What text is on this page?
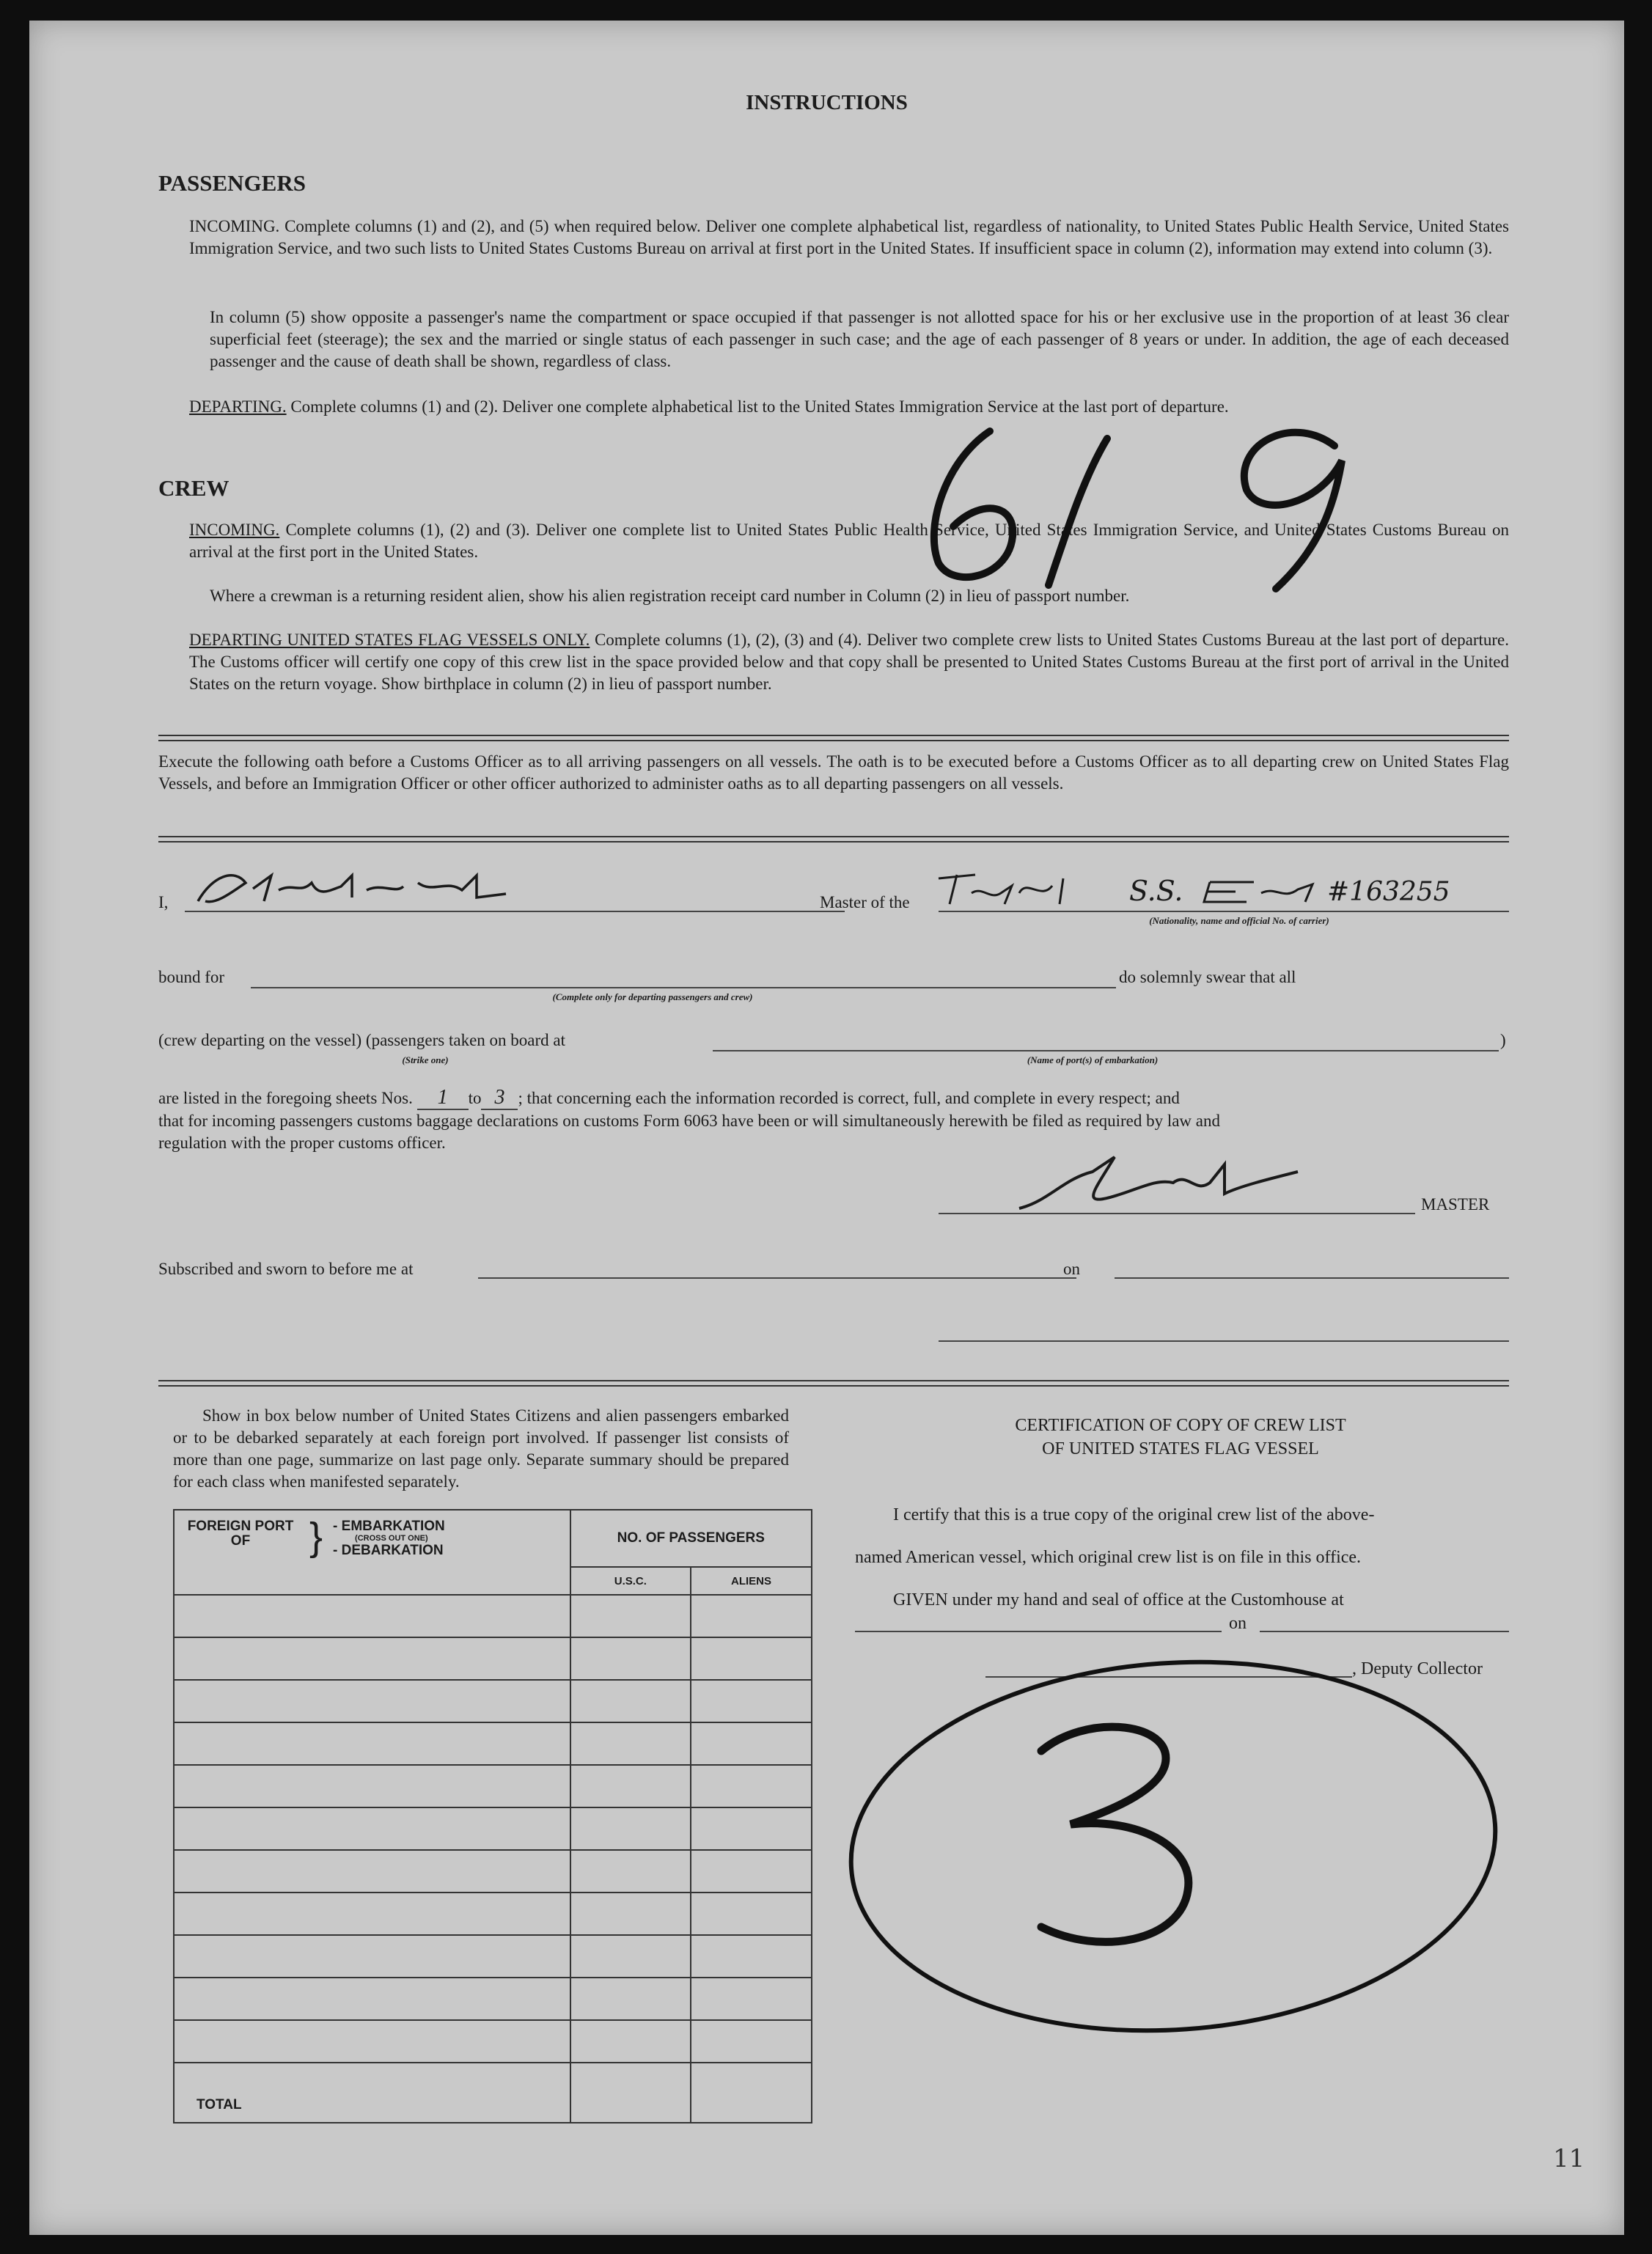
INSTRUCTIONS
PASSENGERS
INCOMING. Complete columns (1) and (2), and (5) when required below. Deliver one complete alphabetical list, regardless of nationality, to United States Public Health Service, United States Immigration Service, and two such lists to United States Customs Bureau on arrival at first port in the United States. If insufficient space in column (2), information may extend into column (3).
In column (5) show opposite a passenger's name the compartment or space occupied if that passenger is not allotted space for his or her exclusive use in the proportion of at least 36 clear superficial feet (steerage); the sex and the married or single status of each passenger in such case; and the age of each passenger of 8 years or under. In addition, the age of each deceased passenger and the cause of death shall be shown, regardless of class.
DEPARTING. Complete columns (1) and (2). Deliver one complete alphabetical list to the United States Immigration Service at the last port of departure.
CREW
INCOMING. Complete columns (1), (2) and (3). Deliver one complete list to United States Public Health Service, United States Immigration Service, and United States Customs Bureau on arrival at the first port in the United States.
Where a crewman is a returning resident alien, show his alien registration receipt card number in Column (2) in lieu of passport number.
DEPARTING UNITED STATES FLAG VESSELS ONLY. Complete columns (1), (2), (3) and (4). Deliver two complete crew lists to United States Customs Bureau at the last port of departure. The Customs officer will certify one copy of this crew list in the space provided below and that copy shall be presented to United States Customs Bureau at the first port of arrival in the United States on the return voyage. Show birthplace in column (2) in lieu of passport number.
Execute the following oath before a Customs Officer as to all arriving passengers on all vessels. The oath is to be executed before a Customs Officer as to all departing crew on United States Flag Vessels, and before an Immigration Officer or other officer authorized to administer oaths as to all departing passengers on all vessels.
I,	Master of the	S.S.	#163255
(Nationality, name and official No. of carrier)
bound for
(Complete only for departing passengers and crew)
do solemnly swear that all
(crew departing on the vessel) (passengers taken on board at	)
(Strike one)	(Name of port(s) of embarkation)
are listed in the foregoing sheets Nos. 1 to 3 ; that concerning each the information recorded is correct, full, and complete in every respect; and
that for incoming passengers customs baggage declarations on customs Form 6063 have been or will simultaneously herewith be filed as required by law and
regulation with the proper customs officer.
MASTER
Subscribed and sworn to before me at	on
Show in box below number of United States Citizens and alien passengers embarked or to be debarked separately at each foreign port involved. If passenger list consists of more than one page, summarize on last page only. Separate summary should be prepared for each class when manifested separately.
FOREIGN PORT OF } - EMBARKATION
(CROSS OUT ONE)
- DEBARKATION	NO. OF PASSENGERS	
	U.S.C.	ALIENS

TOTAL		
CERTIFICATION OF COPY OF CREW LIST
OF UNITED STATES FLAG VESSEL
I certify that this is a true copy of the original crew list of the above-
named American vessel, which original crew list is on file in this office.
GIVEN under my hand and seal of office at the Customhouse at
on
, Deputy Collector
11
